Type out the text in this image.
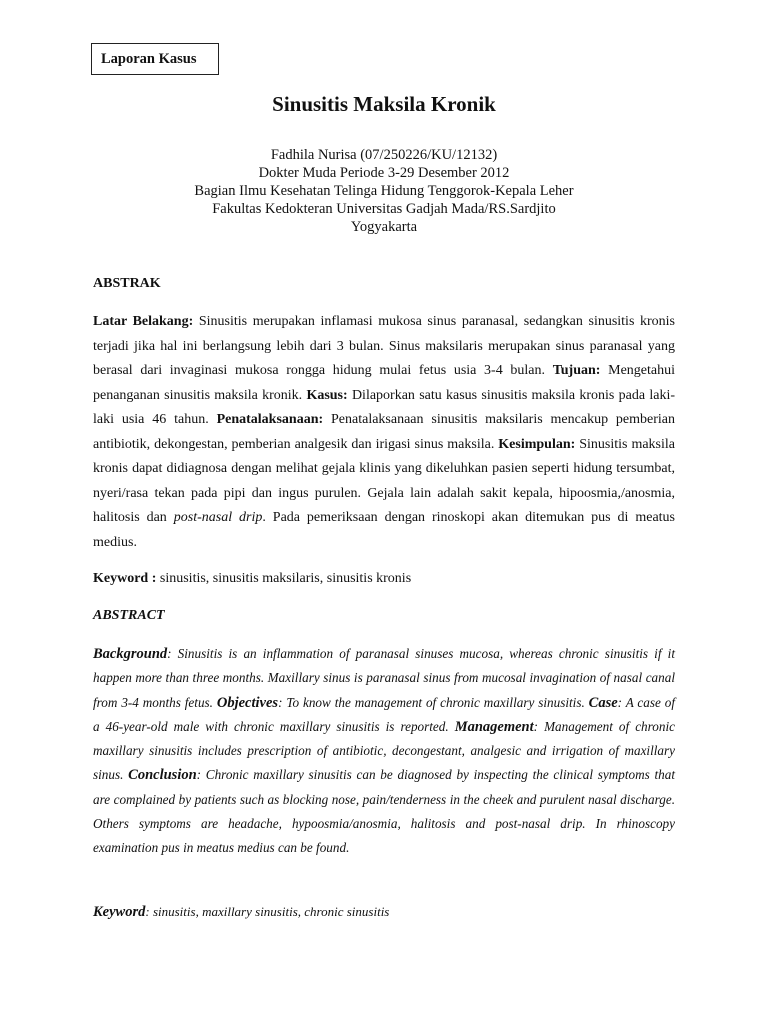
Laporan Kasus
Sinusitis Maksila Kronik
Fadhila Nurisa (07/250226/KU/12132)
Dokter Muda Periode 3-29 Desember 2012
Bagian Ilmu Kesehatan Telinga Hidung Tenggorok-Kepala Leher
Fakultas Kedokteran Universitas Gadjah Mada/RS.Sardjito
Yogyakarta
ABSTRAK
Latar Belakang: Sinusitis merupakan inflamasi mukosa sinus paranasal, sedangkan sinusitis kronis terjadi jika hal ini berlangsung lebih dari 3 bulan. Sinus maksilaris merupakan sinus paranasal yang berasal dari invaginasi mukosa rongga hidung mulai fetus usia 3-4 bulan. Tujuan: Mengetahui penanganan sinusitis maksila kronik. Kasus: Dilaporkan satu kasus sinusitis maksila kronis pada laki-laki usia 46 tahun. Penatalaksanaan: Penatalaksanaan sinusitis maksilaris mencakup pemberian antibiotik, dekongestan, pemberian analgesik dan irigasi sinus maksila. Kesimpulan: Sinusitis maksila kronis dapat didiagnosa dengan melihat gejala klinis yang dikeluhkan pasien seperti hidung tersumbat, nyeri/rasa tekan pada pipi dan ingus purulen. Gejala lain adalah sakit kepala, hipoosmia,/anosmia, halitosis dan post-nasal drip. Pada pemeriksaan dengan rinoskopi akan ditemukan pus di meatus medius.
Keyword : sinusitis, sinusitis maksilaris, sinusitis kronis
ABSTRACT
Background: Sinusitis is an inflammation of paranasal sinuses mucosa, whereas chronic sinusitis if it happen more than three months. Maxillary sinus is paranasal sinus from mucosal invagination of nasal canal from 3-4 months fetus. Objectives: To know the management of chronic maxillary sinusitis. Case: A case of a 46-year-old male with chronic maxillary sinusitis is reported. Management: Management of chronic maxillary sinusitis includes prescription of antibiotic, decongestant, analgesic and irrigation of maxillary sinus. Conclusion: Chronic maxillary sinusitis can be diagnosed by inspecting the clinical symptoms that are complained by patients such as blocking nose, pain/tenderness in the cheek and purulent nasal discharge. Others symptoms are headache, hypoosmia/anosmia, halitosis and post-nasal drip. In rhinoscopy examination pus in meatus medius can be found.
Keyword: sinusitis, maxillary sinusitis, chronic sinusitis
